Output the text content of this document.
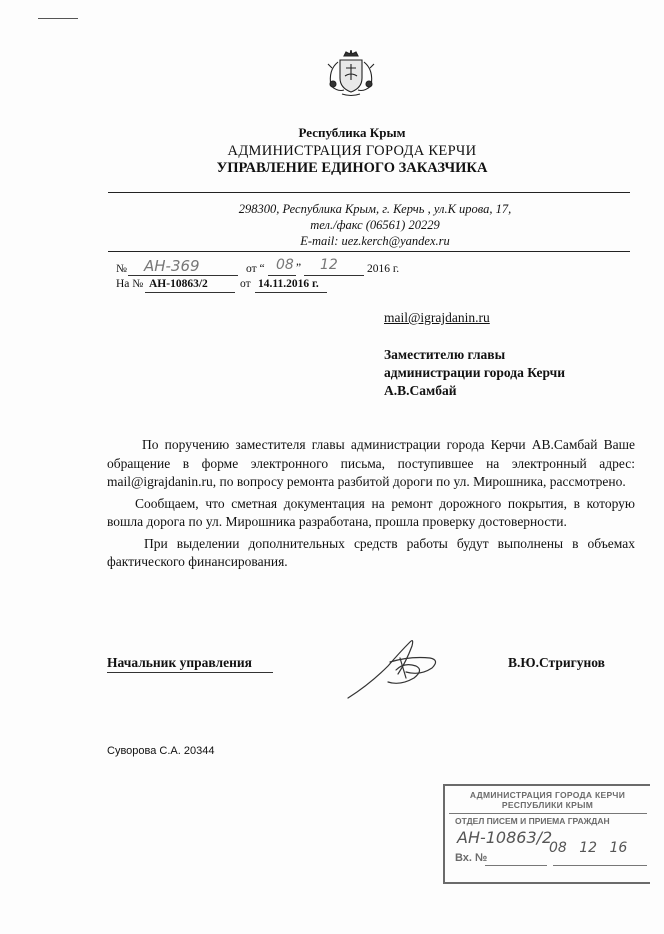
Республика Крым
АДМИНИСТРАЦИЯ ГОРОДА КЕРЧИ
УПРАВЛЕНИЕ ЕДИНОГО ЗАКАЗЧИКА
298300, Республика Крым, г. Керчь , ул.К ирова, 17,
тел./факс (06561) 20229
E-mail: uez.kerch@yandex.ru
№ АН-369	от “ 08 ” 12	2016 г.
На № АН-10863/2	от 14.11.2016 г.
mail@igrajdanin.ru
Заместителю главы
администрации города Керчи
А.В.Самбай

По поручению заместителя главы администрации города Керчи АВ.Самбай Ваше обращение в форме электронного письма, поступившее на электронный адрес: mail@igrajdanin.ru, по вопросу ремонта разбитой дороги по ул. Мирошника, рассмотрено.

Сообщаем, что сметная документация на ремонт дорожного покрытия, в которую вошла дорога по ул. Мирошника разработана, прошла проверку достоверности.

При выделении дополнительных средств работы будут выполнены в объемах фактического финансирования.

Начальник управления	В.Ю.Стригунов
Суворова С.А. 20344
АДМИНИСТРАЦИЯ ГОРОДА КЕРЧИ
РЕСПУБЛИКИ КРЫМ
ОТДЕЛ ПИСЕМ И ПРИЕМА ГРАЖДАН
АН-10863/2
08 12 16
Вх. №
